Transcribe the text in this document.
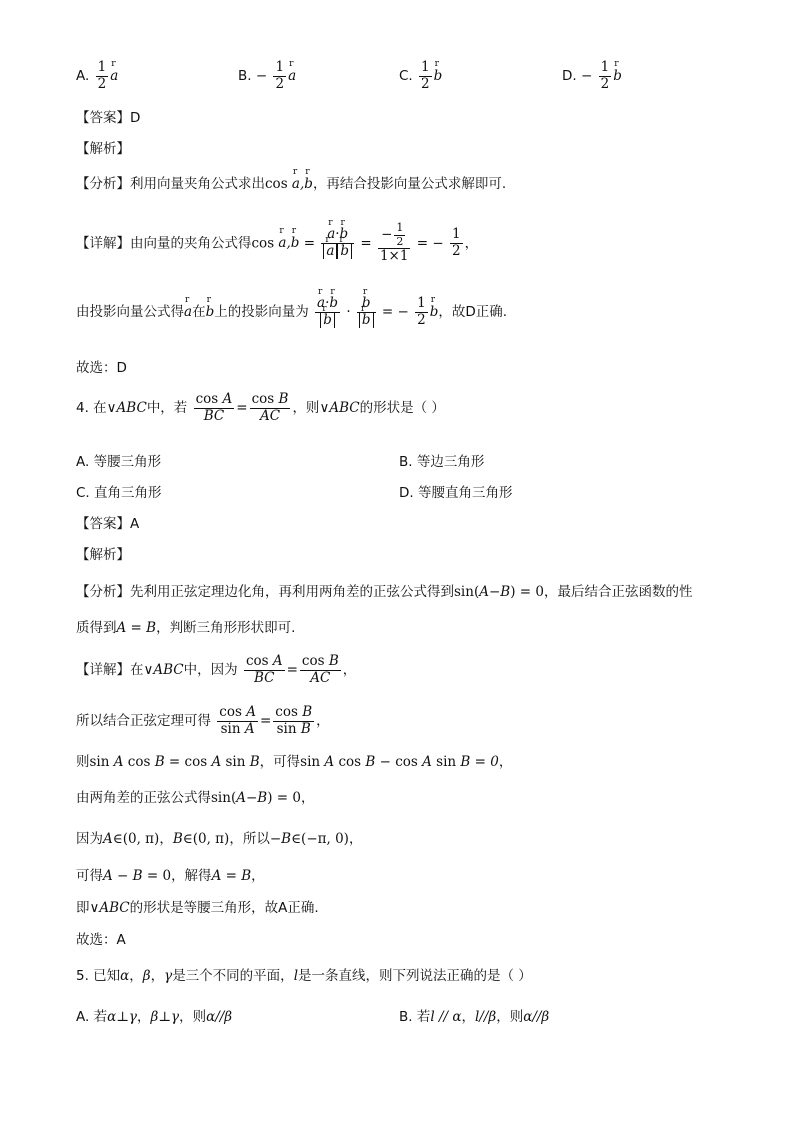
A. $\frac{1}{2}$ r a	B. − $\frac{1}{2}$ r a	C. $\frac{1}{2}$ r b	D. − $\frac{1}{2}$ r b
【答案】D
【解析】
【分析】利用向量夹角公式求出cos r a,r b，再结合投影向量公式求解即可.
【详解】由向量的夹角公式得cos r a,r b = r a·r b
r a r $b = \frac{- \frac{1}{2}}{1\times 1}$ = − $\frac{1}{2}$ ，
由投影向量公式得r a在r b上的投影向量为 r a·r b
r b · r b
r b = − $\frac{1}{2}$ r b，故D正确.
故选：D
4. 在∨ABC中，若 $\frac{\text{cos A}}{BC} = \frac{\text{cos B}}{AC}$ ，则∨ABC的形状是（ ）
A. 等腰三角形	B. 等边三角形
C. 直角三角形	D. 等腰直角三角形
【答案】A
【解析】
【分析】先利用正弦定理边化角，再利用两角差的正弦公式得到sin(A−B) = 0，最后结合正弦函数的性
质得到A = B，判断三角形形状即可.
【详解】在∨ABC中，因为 $\frac{\text{cos A}}{BC} = \frac{\text{cos B}}{AC}$ ，
所以结合正弦定理可得 $\frac{\text{cos A}}{\text{sin A}} = \frac{\text{cos B}}{\text{sin B}}$ ，
则sin A cos B = cos A sin B，可得sin A cos B − cos A sin B = 0，
由两角差的正弦公式得sin(A−B) = 0，
因为A∈(0, π)，B∈(0, π)，所以−B∈(−π, 0)，
可得A − B = 0，解得A = B，
即∨ABC的形状是等腰三角形，故A正确.
故选：A
5. 已知α，β，γ是三个不同的平面，l是一条直线，则下列说法正确的是（ ）
A. 若α⊥γ，β⊥γ，则α//β	B. 若l // α，l//β，则α//β
